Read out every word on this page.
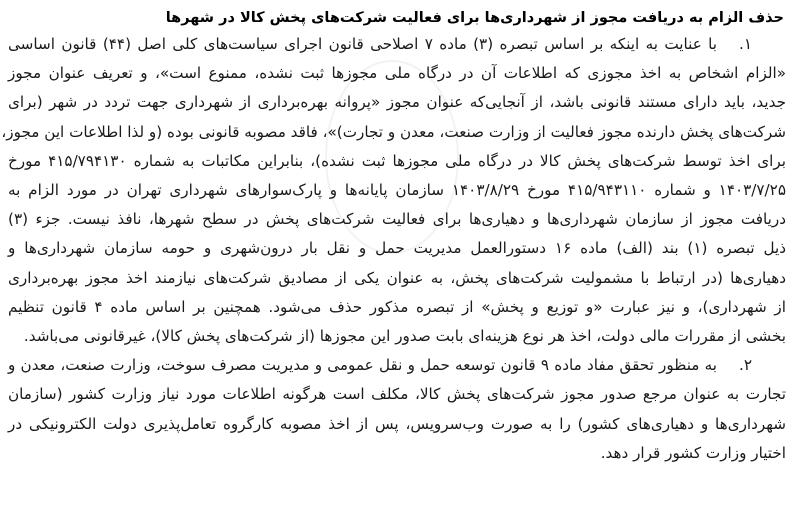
حذف الزام به دریافت مجوز از شهرداری‌ها برای فعالیت شرکت‌های پخش کالا در شهرها
۱.با عنایت به اینکه بر اساس تبصره (۳) ماده ۷ اصلاحی قانون اجرای سیاست‌های کلی اصل (۴۴) قانون اساسی
«الزام اشخاص به اخذ مجوزی که اطلاعات آن در درگاه ملی مجوزها ثبت نشده، ممنوع است»، و تعریف عنوان مجوز
جدید، باید دارای مستند قانونی باشد، از آنجایی‌که عنوان مجوز «پروانه بهره‌برداری از شهرداری جهت تردد در شهر (برای
شرکت‌های پخش دارنده مجوز فعالیت از وزارت صنعت، معدن و تجارت)»، فاقد مصوبه قانونی بوده (و لذا اطلاعات این مجوز،
برای اخذ توسط شرکت‌های پخش کالا در درگاه ملی مجوزها ثبت نشده)، بنابراین مکاتبات به شماره ۴۱۵/۷۹۴۱۳۰ مورخ
۱۴۰۳/۷/۲۵ و شماره ۴۱۵/۹۴۳۱۱۰ مورخ ۱۴۰۳/۸/۲۹ سازمان پایانه‌ها و پارک‌سوارهای شهرداری تهران در مورد الزام به
دریافت مجوز از سازمان شهرداری‌ها و دهیاری‌ها برای فعالیت شرکت‌های پخش در سطح شهرها، نافذ نیست. جزء (۳)
ذیل تبصره (۱) بند (الف) ماده ۱۶ دستورالعمل مدیریت حمل و نقل بار درون‌شهری و حومه سازمان شهرداری‌ها و
دهیاری‌ها (در ارتباط با مشمولیت شرکت‌های پخش، به عنوان یکی از مصادیق شرکت‌های نیازمند اخذ مجوز بهره‌برداری
از شهرداری)، و نیز عبارت «و توزیع و پخش» از تبصره مذکور حذف می‌شود. همچنین بر اساس ماده ۴ قانون تنظیم
بخشی از مقررات مالی دولت، اخذ هر نوع هزینه‌ای بابت صدور این مجوزها (از شرکت‌های پخش کالا)، غیرقانونی می‌باشد.
۲.به منظور تحقق مفاد ماده ۹ قانون توسعه حمل و نقل عمومی و مدیریت مصرف سوخت، وزارت صنعت، معدن و
تجارت به عنوان مرجع صدور مجوز شرکت‌های پخش کالا، مکلف است هرگونه اطلاعات مورد نیاز وزارت کشور (سازمان
شهرداری‌ها و دهیاری‌های کشور) را به صورت وب‌سرویس، پس از اخذ مصوبه کارگروه تعامل‌پذیری دولت الکترونیکی در
اختیار وزارت کشور قرار دهد.
